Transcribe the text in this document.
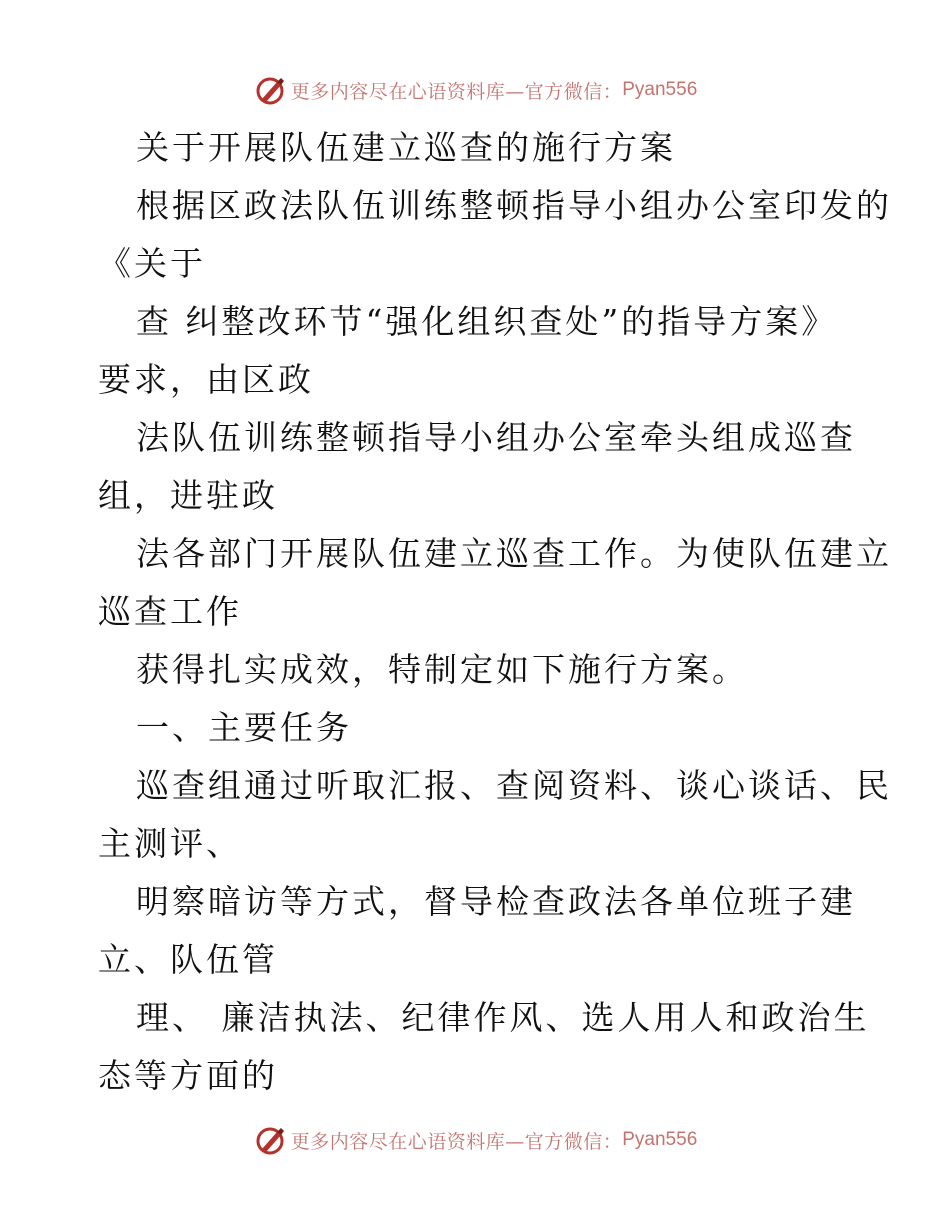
更多内容尽在心语资料库—官方微信： Pyan556
关于开展队伍建立巡查的施行方案
根据区政法队伍训练整顿指导小组办公室印发的
《关于
查 纠整改环节“强化组织查处”的指导方案》
要求，由区政
法队伍训练整顿指导小组办公室牵头组成巡查
组，进驻政
法各部门开展队伍建立巡查工作。为使队伍建立
巡查工作
获得扎实成效，特制定如下施行方案。
一、主要任务
巡查组通过听取汇报、查阅资料、谈心谈话、民
主测评、
明察暗访等方式，督导检查政法各单位班子建
立、队伍管
理、 廉洁执法、纪律作风、选人用人和政治生
态等方面的
更多内容尽在心语资料库—官方微信： Pyan556
